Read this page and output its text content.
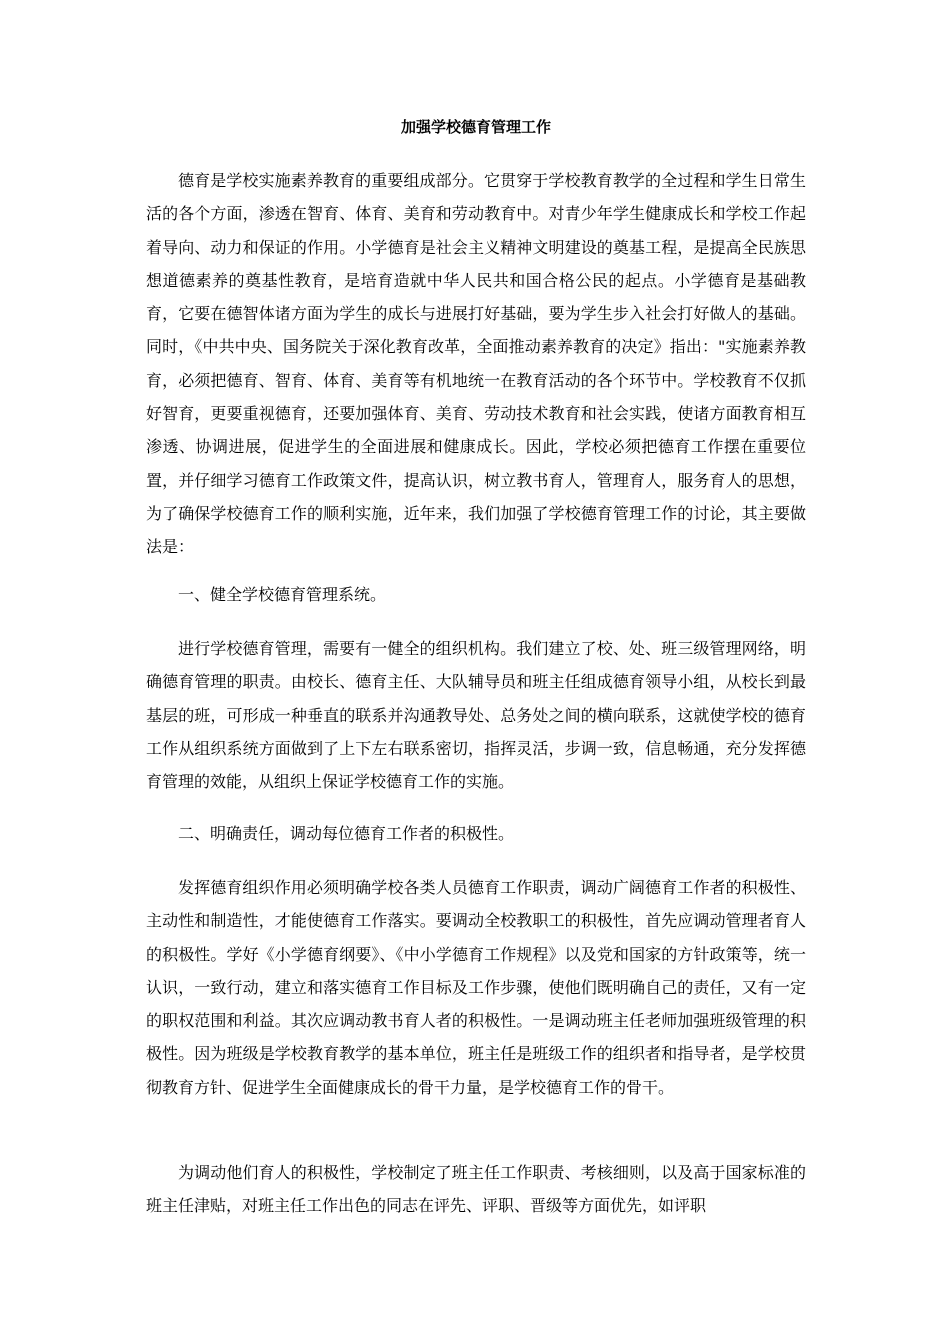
加强学校德育管理工作

德育是学校实施素养教育的重要组成部分。它贯穿于学校教育教学的全过程和学生日常生活的各个方面，渗透在智育、体育、美育和劳动教育中。对青少年学生健康成长和学校工作起着导向、动力和保证的作用。小学德育是社会主义精神文明建设的奠基工程，是提高全民族思想道德素养的奠基性教育，是培育造就中华人民共和国合格公民的起点。小学德育是基础教育，它要在德智体诸方面为学生的成长与进展打好基础，要为学生步入社会打好做人的基础。同时，《中共中央、国务院关于深化教育改革，全面推动素养教育的决定》指出："实施素养教育，必须把德育、智育、体育、美育等有机地统一在教育活动的各个环节中。学校教育不仅抓好智育，更要重视德育，还要加强体育、美育、劳动技术教育和社会实践，使诸方面教育相互渗透、协调进展，促进学生的全面进展和健康成长。因此，学校必须把德育工作摆在重要位置，并仔细学习德育工作政策文件，提高认识，树立教书育人，管理育人，服务育人的思想，为了确保学校德育工作的顺利实施，近年来，我们加强了学校德育管理工作的讨论，其主要做法是：

一、健全学校德育管理系统。

进行学校德育管理，需要有一健全的组织机构。我们建立了校、处、班三级管理网络，明确德育管理的职责。由校长、德育主任、大队辅导员和班主任组成德育领导小组，从校长到最基层的班，可形成一种垂直的联系并沟通教导处、总务处之间的横向联系，这就使学校的德育工作从组织系统方面做到了上下左右联系密切，指挥灵活，步调一致，信息畅通，充分发挥德育管理的效能，从组织上保证学校德育工作的实施。

二、明确责任，调动每位德育工作者的积极性。

发挥德育组织作用必须明确学校各类人员德育工作职责，调动广阔德育工作者的积极性、主动性和制造性，才能使德育工作落实。要调动全校教职工的积极性，首先应调动管理者育人的积极性。学好《小学德育纲要》、《中小学德育工作规程》以及党和国家的方针政策等，统一认识，一致行动，建立和落实德育工作目标及工作步骤，使他们既明确自己的责任，又有一定的职权范围和利益。其次应调动教书育人者的积极性。一是调动班主任老师加强班级管理的积极性。因为班级是学校教育教学的基本单位，班主任是班级工作的组织者和指导者，是学校贯彻教育方针、促进学生全面健康成长的骨干力量，是学校德育工作的骨干。

为调动他们育人的积极性，学校制定了班主任工作职责、考核细则，以及高于国家标准的班主任津贴，对班主任工作出色的同志在评先、评职、晋级等方面优先，如评职
